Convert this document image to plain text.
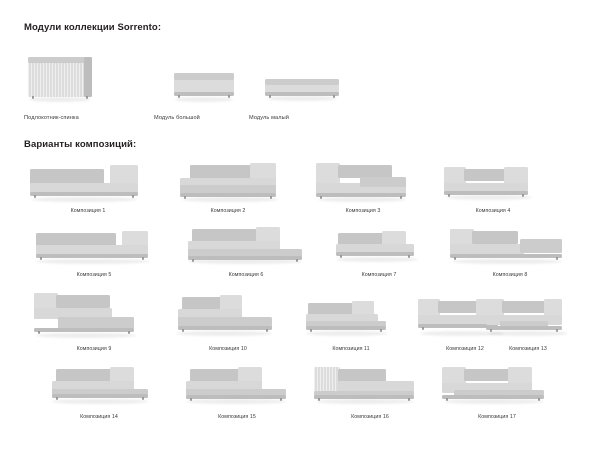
Модули коллекции Sorrento:
Подлокотник-спинка	Модуль большой	Модуль малый
Варианты композиций:
Композиция 1	Композиция 2	Композиция 3	Композиция 4
Композиция 5	Композиция 6	Композиция 7	Композиция 8
Композиция 9	Композиция 10	Композиция 11	Композиция 12	Композиция 13
Композиция 14	Композиция 15	Композиция 16	Композиция 17
